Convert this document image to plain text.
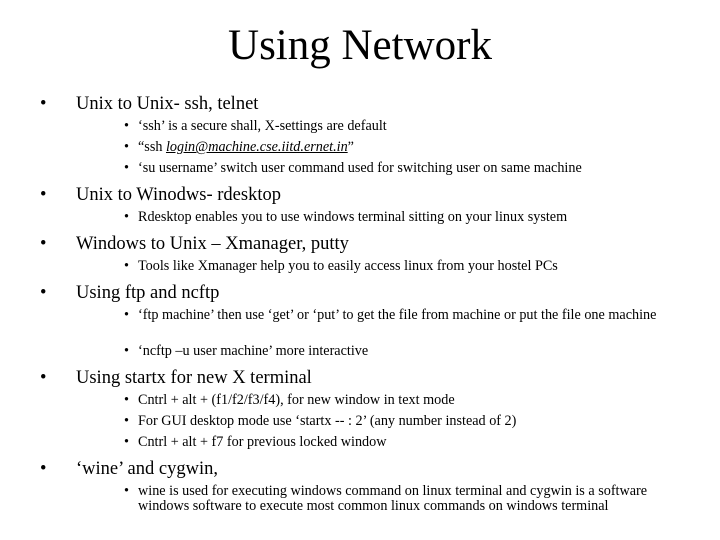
Using Network
• Unix to Unix- ssh, telnet
• ‘ssh’ is a secure shall, X-settings are default
• “ssh login@machine.cse.iitd.ernet.in”
• ‘su username’ switch user command used for switching user on same machine
• Unix to Winodws- rdesktop
• Rdesktop enables you to use windows terminal sitting on your linux system
• Windows to Unix – Xmanager, putty
• Tools like Xmanager help you to easily access linux from your hostel PCs
• Using ftp and ncftp
• ‘ftp machine’ then use ‘get’ or ‘put’ to get the file from machine or put the file one machine
• ‘ncftp –u user machine’ more interactive
• Using startx for new X terminal
• Cntrl + alt + (f1/f2/f3/f4), for new window in text mode
• For GUI desktop mode use ‘startx -- : 2’ (any number instead of 2)
• Cntrl + alt + f7 for previous locked window
• ‘wine’ and cygwin,
• wine is used for executing windows command on linux terminal and cygwin is a software windows software to execute most common linux commands on windows terminal
